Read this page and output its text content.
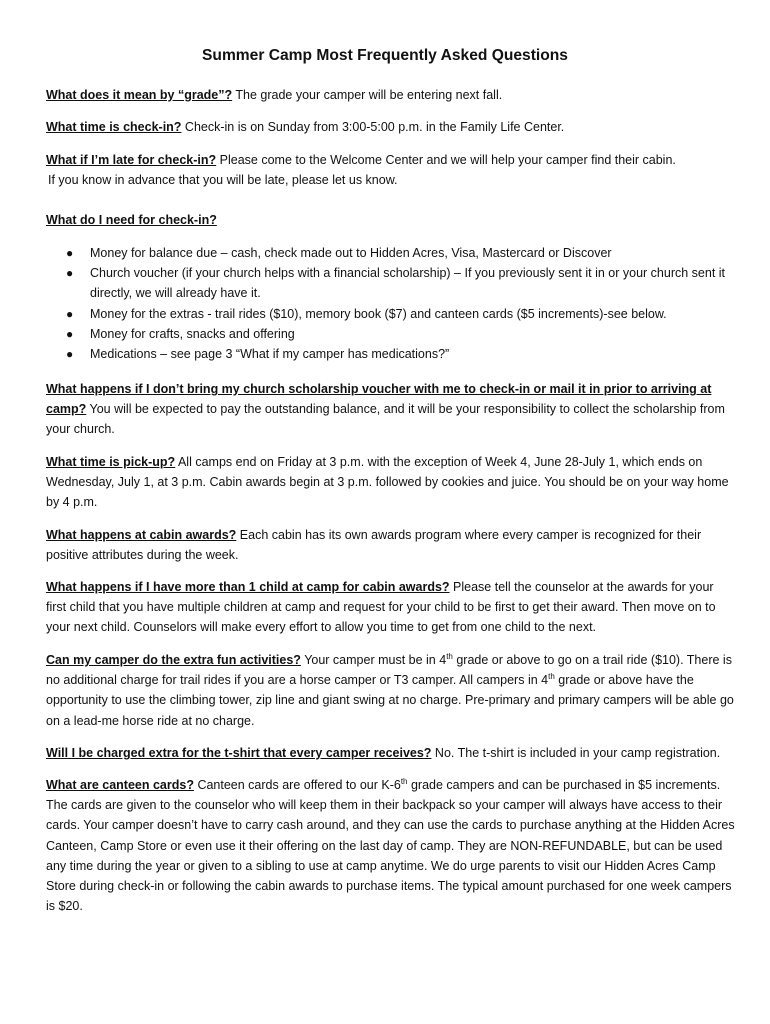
Summer Camp Most Frequently Asked Questions
What does it mean by “grade”? The grade your camper will be entering next fall.
What time is check-in? Check-in is on Sunday from 3:00-5:00 p.m. in the Family Life Center.
What if I’m late for check-in? Please come to the Welcome Center and we will help your camper find their cabin.
If you know in advance that you will be late, please let us know.
What do I need for check-in?
● Money for balance due – cash, check made out to Hidden Acres, Visa, Mastercard or Discover
● Church voucher (if your church helps with a financial scholarship) – If you previously sent it in or your church sent it directly, we will already have it.
● Money for the extras - trail rides ($10), memory book ($7) and canteen cards ($5 increments)-see below.
● Money for crafts, snacks and offering
● Medications – see page 3 “What if my camper has medications?”
What happens if I don’t bring my church scholarship voucher with me to check-in or mail it in prior to arriving at camp? You will be expected to pay the outstanding balance, and it will be your responsibility to collect the scholarship from your church.
What time is pick-up? All camps end on Friday at 3 p.m. with the exception of Week 4, June 28-July 1, which ends on Wednesday, July 1, at 3 p.m. Cabin awards begin at 3 p.m. followed by cookies and juice. You should be on your way home by 4 p.m.
What happens at cabin awards? Each cabin has its own awards program where every camper is recognized for their positive attributes during the week.
What happens if I have more than 1 child at camp for cabin awards? Please tell the counselor at the awards for your first child that you have multiple children at camp and request for your child to be first to get their award. Then move on to your next child. Counselors will make every effort to allow you time to get from one child to the next.
Can my camper do the extra fun activities? Your camper must be in 4th grade or above to go on a trail ride ($10). There is no additional charge for trail rides if you are a horse camper or T3 camper. All campers in 4th grade or above have the opportunity to use the climbing tower, zip line and giant swing at no charge. Pre-primary and primary campers will be able go on a lead-me horse ride at no charge.
Will I be charged extra for the t-shirt that every camper receives? No. The t-shirt is included in your camp registration.
What are canteen cards? Canteen cards are offered to our K-6th grade campers and can be purchased in $5 increments. The cards are given to the counselor who will keep them in their backpack so your camper will always have access to their cards. Your camper doesn’t have to carry cash around, and they can use the cards to purchase anything at the Hidden Acres Canteen, Camp Store or even use it their offering on the last day of camp. They are NON-REFUNDABLE, but can be used any time during the year or given to a sibling to use at camp anytime. We do urge parents to visit our Hidden Acres Camp Store during check-in or following the cabin awards to purchase items. The typical amount purchased for one week campers is $20.
